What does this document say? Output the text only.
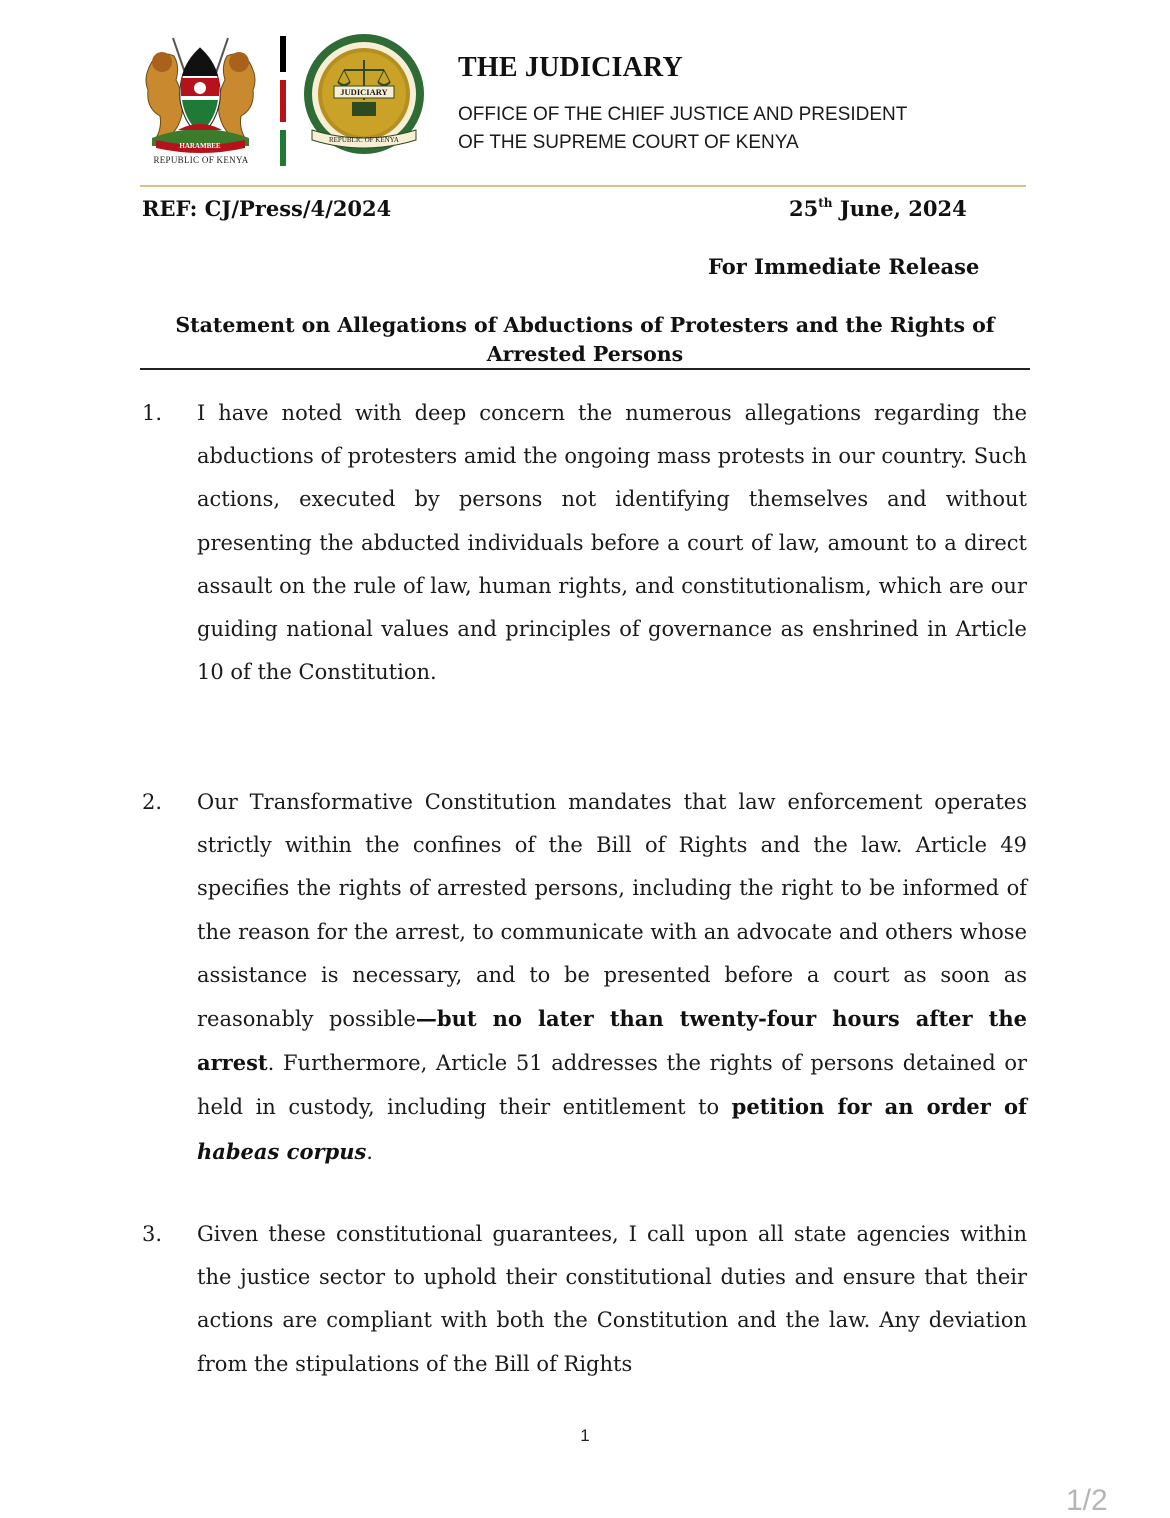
HARAMBEE
REPUBLIC OF KENYA
JUDICIARY
REPUBLIC OF KENYA
THE JUDICIARY
OFFICE OF THE CHIEF JUSTICE AND PRESIDENT
OF THE SUPREME COURT OF KENYA
REF: CJ/Press/4/2024	25th June, 2024
For Immediate Release
Statement on Allegations of Abductions of Protesters and the Rights of Arrested Persons
1. I have noted with deep concern the numerous allegations regarding the abductions of protesters amid the ongoing mass protests in our country. Such actions, executed by persons not identifying themselves and without presenting the abducted individuals before a court of law, amount to a direct assault on the rule of law, human rights, and constitutionalism, which are our guiding national values and principles of governance as enshrined in Article 10 of the Constitution.
2. Our Transformative Constitution mandates that law enforcement operates strictly within the confines of the Bill of Rights and the law. Article 49 specifies the rights of arrested persons, including the right to be informed of the reason for the arrest, to communicate with an advocate and others whose assistance is necessary, and to be presented before a court as soon as reasonably possible—but no later than twenty-four hours after the arrest. Furthermore, Article 51 addresses the rights of persons detained or held in custody, including their entitlement to petition for an order of habeas corpus.
3. Given these constitutional guarantees, I call upon all state agencies within the justice sector to uphold their constitutional duties and ensure that their actions are compliant with both the Constitution and the law. Any deviation from the stipulations of the Bill of Rights
1
1/2
